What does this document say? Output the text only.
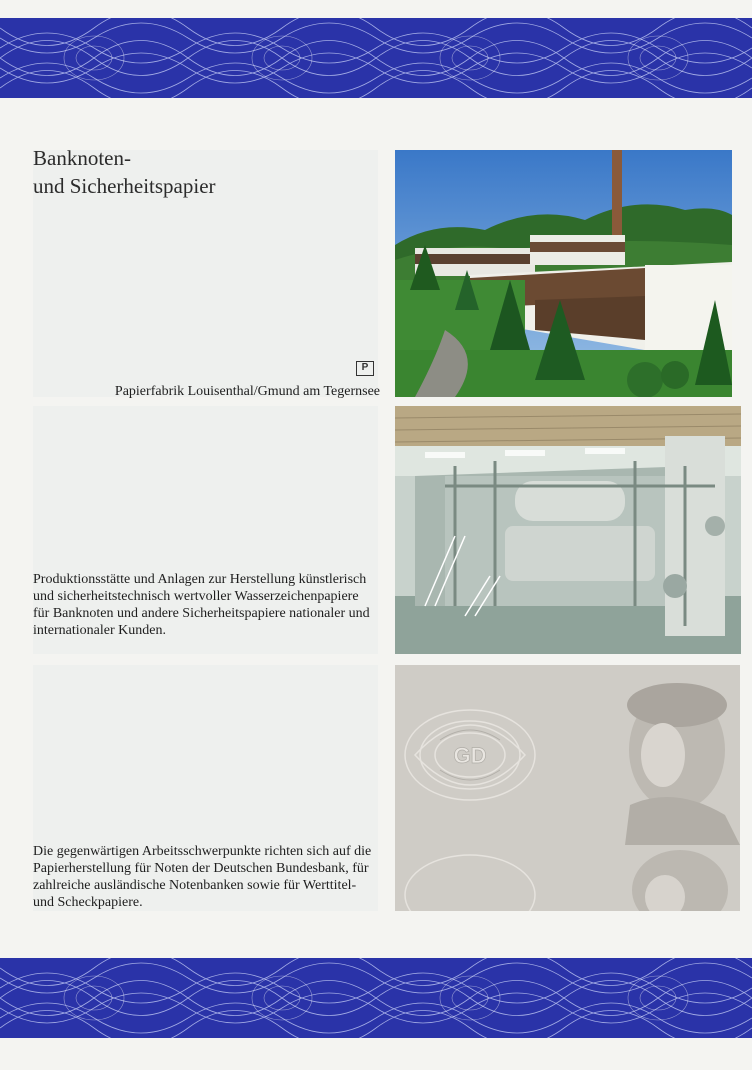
Banknoten-
und Sicherheitspapier
P

Papierfabrik Louisenthal/Gmund am Tegernsee

Produktionsstätte und Anlagen zur Herstellung künstlerisch und sicherheitstechnisch wertvoller Wasserzeichenpapiere für Banknoten und andere Sicherheitspapiere nationaler und internationaler Kunden.

Die gegenwärtigen Arbeitsschwerpunkte richten sich auf die Papierherstellung für Noten der Deutschen Bundesbank, für zahlreiche ausländische Notenbanken sowie für Werttitel- und Scheckpapiere.

GD
